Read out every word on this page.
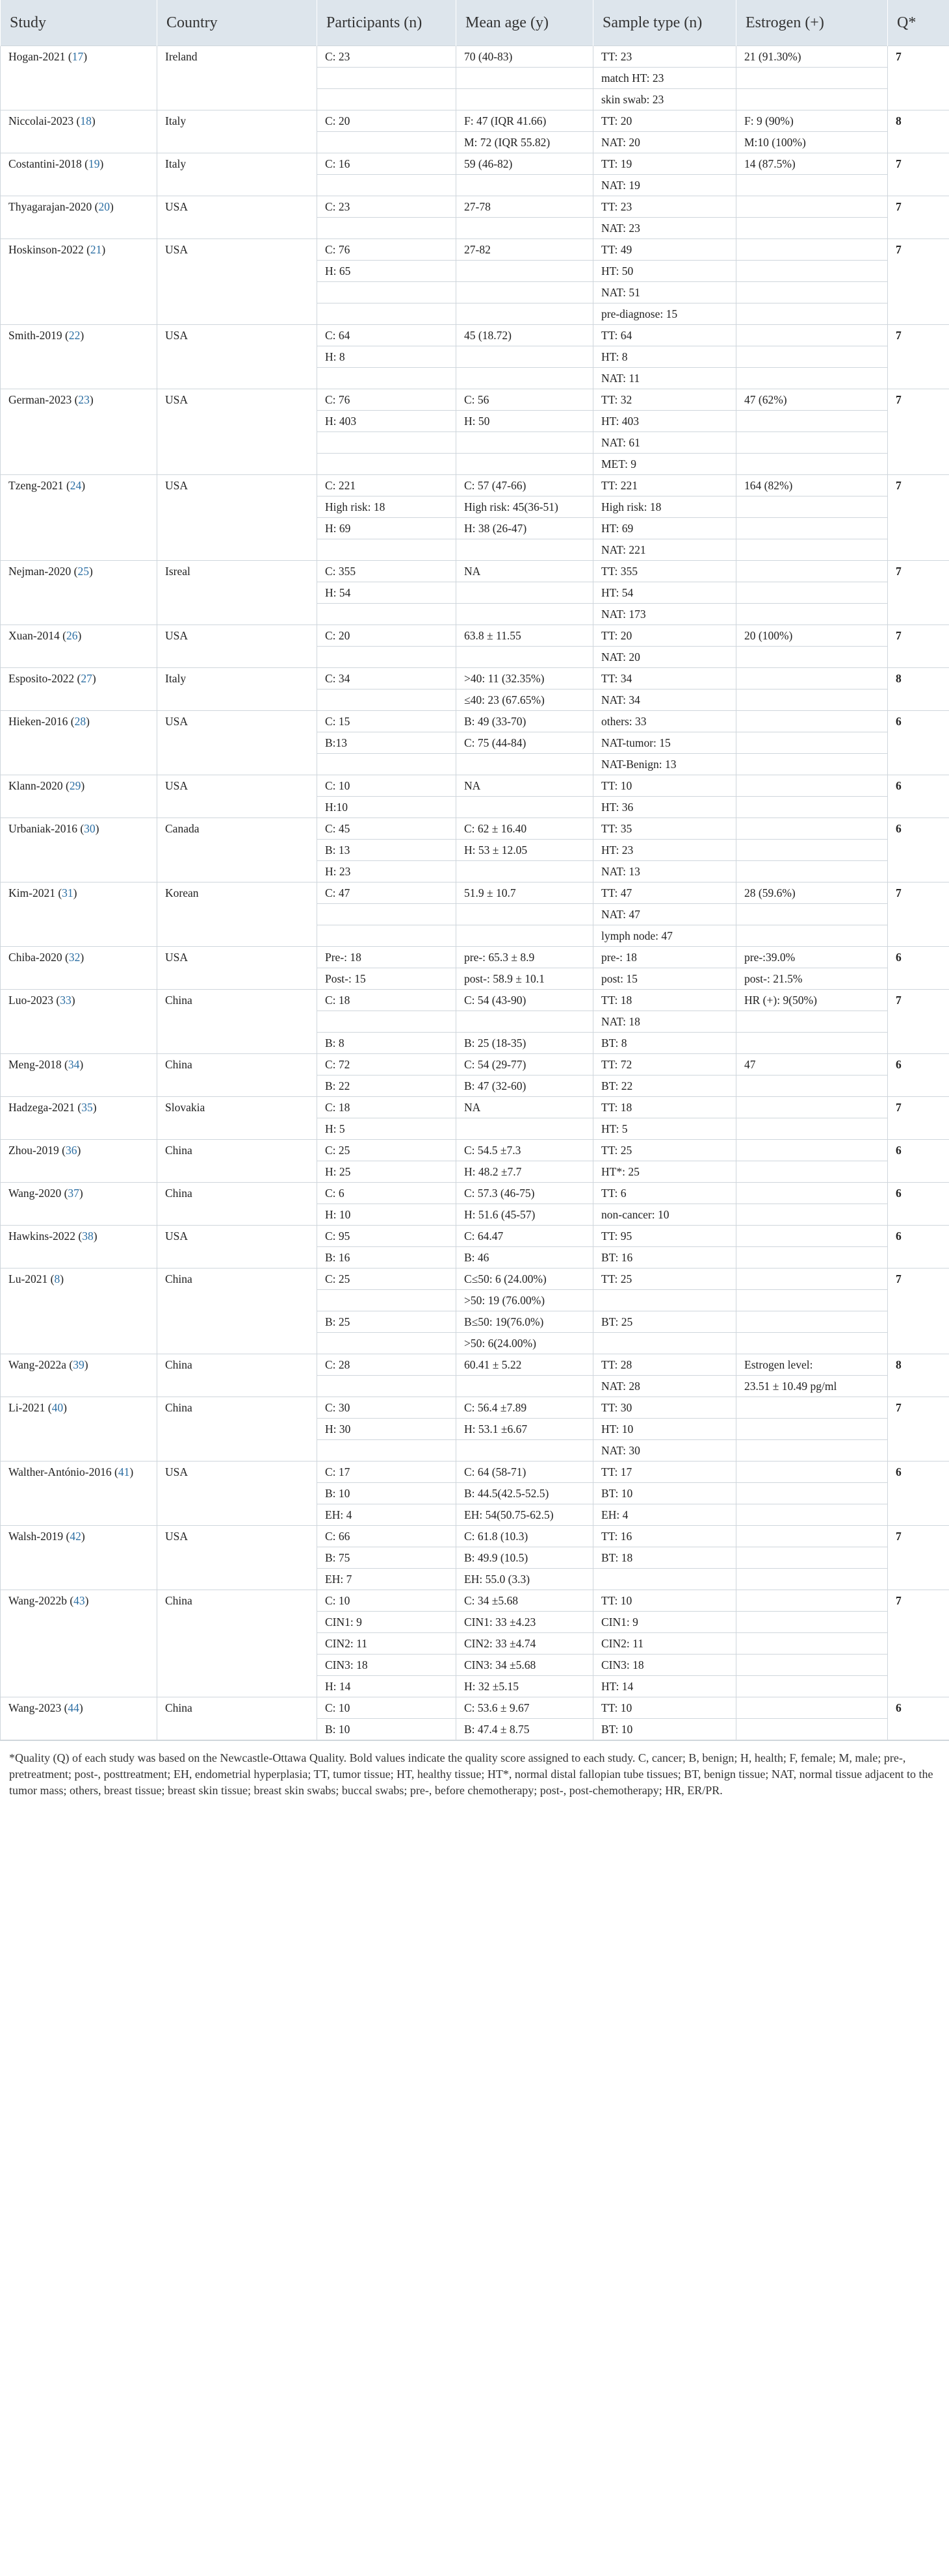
Study	Country	Participants (n)	Mean age (y)	Sample type (n)	Estrogen (+)	Q*
Hogan-2021 (17)	Ireland	C: 23	70 (40-83)	TT: 23	21 (91.30%)	7
				match HT: 23		
				skin swab: 23		
Niccolai-2023 (18)	Italy	C: 20	F: 47 (IQR 41.66)	TT: 20	F: 9 (90%)	8
			M: 72 (IQR 55.82)	NAT: 20	M:10 (100%)	
Costantini-2018 (19)	Italy	C: 16	59 (46-82)	TT: 19	14 (87.5%)	7
				NAT: 19		
Thyagarajan-2020 (20)	USA	C: 23	27-78	TT: 23		7
				NAT: 23		
Hoskinson-2022 (21)	USA	C: 76	27-82	TT: 49		7
		H: 65		HT: 50		
				NAT: 51		
				pre-diagnose: 15		
Smith-2019 (22)	USA	C: 64	45 (18.72)	TT: 64		7
		H: 8		HT: 8		
				NAT: 11		
German-2023 (23)	USA	C: 76	C: 56	TT: 32	47 (62%)	7
		H: 403	H: 50	HT: 403		
				NAT: 61		
				MET: 9		
Tzeng-2021 (24)	USA	C: 221	C: 57 (47-66)	TT: 221	164 (82%)	7
		High risk: 18	High risk: 45(36-51)	High risk: 18		
		H: 69	H: 38 (26-47)	HT: 69		
				NAT: 221		
Nejman-2020 (25)	Isreal	C: 355	NA	TT: 355		7
		H: 54		HT: 54		
				NAT: 173		
Xuan-2014 (26)	USA	C: 20	63.8 ± 11.55	TT: 20	20 (100%)	7
				NAT: 20		
Esposito-2022 (27)	Italy	C: 34	>40: 11 (32.35%)	TT: 34		8
			≤40: 23 (67.65%)	NAT: 34		
Hieken-2016 (28)	USA	C: 15	B: 49 (33-70)	others: 33		6
		B:13	C: 75 (44-84)	NAT-tumor: 15		
				NAT-Benign: 13		
Klann-2020 (29)	USA	C: 10	NA	TT: 10		6
		H:10		HT: 36		
Urbaniak-2016 (30)	Canada	C: 45	C: 62 ± 16.40	TT: 35		6
		B: 13	H: 53 ± 12.05	HT: 23		
		H: 23		NAT: 13		
Kim-2021 (31)	Korean	C: 47	51.9 ± 10.7	TT: 47	28 (59.6%)	7
				NAT: 47		
				lymph node: 47		
Chiba-2020 (32)	USA	Pre-: 18	pre-: 65.3 ± 8.9	pre-: 18	pre-:39.0%	6
		Post-: 15	post-: 58.9 ± 10.1	post: 15	post-: 21.5%	
Luo-2023 (33)	China	C: 18	C: 54 (43-90)	TT: 18	HR (+): 9(50%)	7
				NAT: 18		
		B: 8	B: 25 (18-35)	BT: 8		
Meng-2018 (34)	China	C: 72	C: 54 (29-77)	TT: 72	47	6
		B: 22	B: 47 (32-60)	BT: 22		
Hadzega-2021 (35)	Slovakia	C: 18	NA	TT: 18		7
		H: 5		HT: 5		
Zhou-2019 (36)	China	C: 25	C: 54.5 ±7.3	TT: 25		6
		H: 25	H: 48.2 ±7.7	HT*: 25		
Wang-2020 (37)	China	C: 6	C: 57.3 (46-75)	TT: 6		6
		H: 10	H: 51.6 (45-57)	non-cancer: 10		
Hawkins-2022 (38)	USA	C: 95	C: 64.47	TT: 95		6
		B: 16	B: 46	BT: 16		
Lu-2021 (8)	China	C: 25	C≤50: 6 (24.00%)	TT: 25		7
			>50: 19 (76.00%)			
		B: 25	B≤50: 19(76.0%)	BT: 25		
			>50: 6(24.00%)			
Wang-2022a (39)	China	C: 28	60.41 ± 5.22	TT: 28	Estrogen level:	8
				NAT: 28	23.51 ± 10.49 pg/ml	
Li-2021 (40)	China	C: 30	C: 56.4 ±7.89	TT: 30		7
		H: 30	H: 53.1 ±6.67	HT: 10		
				NAT: 30		
Walther-António-2016 (41)	USA	C: 17	C: 64 (58-71)	TT: 17		6
		B: 10	B: 44.5(42.5-52.5)	BT: 10		
		EH: 4	EH: 54(50.75-62.5)	EH: 4		
Walsh-2019 (42)	USA	C: 66	C: 61.8 (10.3)	TT: 16		7
		B: 75	B: 49.9 (10.5)	BT: 18		
		EH: 7	EH: 55.0 (3.3)			
Wang-2022b (43)	China	C: 10	C: 34 ±5.68	TT: 10		7
		CIN1: 9	CIN1: 33 ±4.23	CIN1: 9		
		CIN2: 11	CIN2: 33 ±4.74	CIN2: 11		
		CIN3: 18	CIN3: 34 ±5.68	CIN3: 18		
		H: 14	H: 32 ±5.15	HT: 14		
Wang-2023 (44)	China	C: 10	C: 53.6 ± 9.67	TT: 10		6
		B: 10	B: 47.4 ± 8.75	BT: 10		
*Quality (Q) of each study was based on the Newcastle-Ottawa Quality. Bold values indicate the quality score assigned to each study. C, cancer; B, benign; H, health; F, female; M, male; pre-, pretreatment; post-, posttreatment; EH, endometrial hyperplasia; TT, tumor tissue; HT, healthy tissue; HT*, normal distal fallopian tube tissues; BT, benign tissue; NAT, normal tissue adjacent to the tumor mass; others, breast tissue; breast skin tissue; breast skin swabs; buccal swabs; pre-, before chemotherapy; post-, post-chemotherapy; HR, ER/PR.
